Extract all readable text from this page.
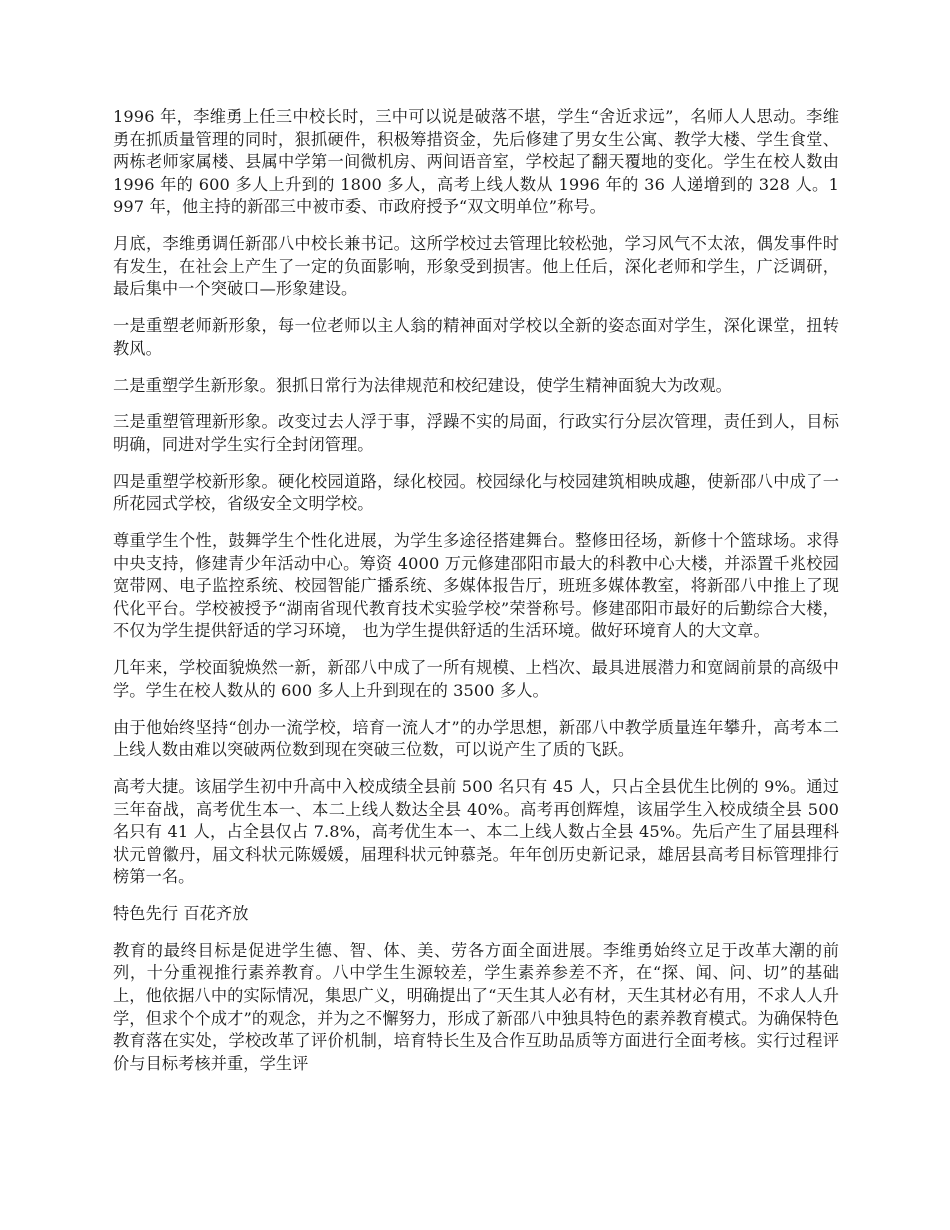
1996 年，李维勇上任三中校长时，三中可以说是破落不堪，学生“舍近求远”，名师人人思动。李维勇在抓质量管理的同时，狠抓硬件，积极筹措资金，先后修建了男女生公寓、教学大楼、学生食堂、两栋老师家属楼、县属中学第一间微机房、两间语音室，学校起了翻天覆地的变化。学生在校人数由 1996 年的 600 多人上升到的 1800 多人，高考上线人数从 1996 年的 36 人递增到的 328 人。1997 年，他主持的新邵三中被市委、市政府授予“双文明单位”称号。

月底，李维勇调任新邵八中校长兼书记。这所学校过去管理比较松弛，学习风气不太浓，偶发事件时有发生，在社会上产生了一定的负面影响，形象受到损害。他上任后，深化老师和学生，广泛调研，最后集中一个突破口—形象建设。

一是重塑老师新形象，每一位老师以主人翁的精神面对学校以全新的姿态面对学生，深化课堂，扭转教风。

二是重塑学生新形象。狠抓日常行为法律规范和校纪建设，使学生精神面貌大为改观。

三是重塑管理新形象。改变过去人浮于事，浮躁不实的局面，行政实行分层次管理，责任到人，目标明确，同进对学生实行全封闭管理。

四是重塑学校新形象。硬化校园道路，绿化校园。校园绿化与校园建筑相映成趣，使新邵八中成了一所花园式学校，省级安全文明学校。

尊重学生个性，鼓舞学生个性化进展，为学生多途径搭建舞台。整修田径场，新修十个篮球场。求得中央支持，修建青少年活动中心。筹资 4000 万元修建邵阳市最大的科教中心大楼，并添置千兆校园宽带网、电子监控系统、校园智能广播系统、多媒体报告厅，班班多媒体教室，将新邵八中推上了现代化平台。学校被授予“湖南省现代教育技术实验学校”荣誉称号。修建邵阳市最好的后勤综合大楼，不仅为学生提供舒适的学习环境， 也为学生提供舒适的生活环境。做好环境育人的大文章。

几年来，学校面貌焕然一新，新邵八中成了一所有规模、上档次、最具进展潜力和宽阔前景的高级中学。学生在校人数从的 600 多人上升到现在的 3500 多人。

由于他始终坚持“创办一流学校，培育一流人才”的办学思想，新邵八中教学质量连年攀升，高考本二上线人数由难以突破两位数到现在突破三位数，可以说产生了质的飞跃。

高考大捷。该届学生初中升高中入校成绩全县前 500 名只有 45 人，只占全县优生比例的 9%。通过三年奋战，高考优生本一、本二上线人数达全县 40%。高考再创辉煌，该届学生入校成绩全县 500 名只有 41 人，占全县仅占 7.8%，高考优生本一、本二上线人数占全县 45%。先后产生了届县理科状元曾徽丹，届文科状元陈媛媛，届理科状元钟慕尧。年年创历史新记录，雄居县高考目标管理排行榜第一名。

特色先行 百花齐放

教育的最终目标是促进学生德、智、体、美、劳各方面全面进展。李维勇始终立足于改革大潮的前列，十分重视推行素养教育。八中学生生源较差，学生素养参差不齐，在“探、闻、问、切”的基础上，他依据八中的实际情况，集思广义，明确提出了“天生其人必有材，天生其材必有用，不求人人升学，但求个个成才”的观念，并为之不懈努力，形成了新邵八中独具特色的素养教育模式。为确保特色教育落在实处，学校改革了评价机制，培育特长生及合作互助品质等方面进行全面考核。实行过程评价与目标考核并重，学生评
